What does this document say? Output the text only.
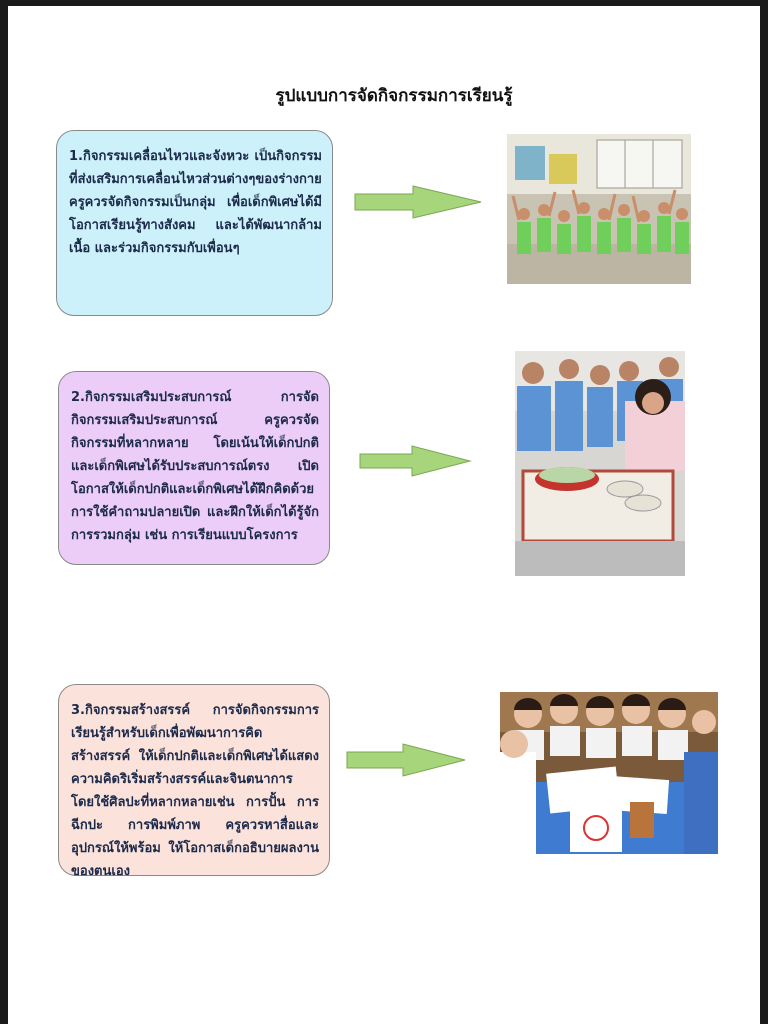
รูปแบบการจัดกิจกรรมการเรียนรู้
1.กิจกรรมเคลื่อนไหวและจังหวะ เป็นกิจกรรมที่ส่งเสริมการเคลื่อนไหวส่วนต่างๆของร่างกาย ครูควรจัดกิจกรรมเป็นกลุ่ม เพื่อเด็กพิเศษได้มีโอกาสเรียนรู้ทางสังคม และได้พัฒนากล้ามเนื้อ และร่วมกิจกรรมกับเพื่อนๆ
2.กิจกรรมเสริมประสบการณ์ การจัดกิจกรรมเสริมประสบการณ์ ครูควรจัดกิจกรรมที่หลากหลาย โดยเน้นให้เด็กปกติและเด็กพิเศษได้รับประสบการณ์ตรง เปิดโอกาสให้เด็กปกติและเด็กพิเศษได้ฝึกคิดด้วยการใช้คำถามปลายเปิด และฝึกให้เด็กได้รู้จักการรวมกลุ่ม เช่น การเรียนแบบโครงการ
3.กิจกรรมสร้างสรรค์ การจัดกิจกรรมการเรียนรู้สำหรับเด็กเพื่อพัฒนาการคิดสร้างสรรค์ ให้เด็กปกติและเด็กพิเศษได้แสดงความคิดริเริ่มสร้างสรรค์และจินตนาการ โดยใช้ศิลปะที่หลากหลายเช่น การปั้น การฉีกปะ การพิมพ์ภาพ ครูควรหาสื่อและอุปกรณ์ให้พร้อม ให้โอกาสเด็กอธิบายผลงานของตนเอง
